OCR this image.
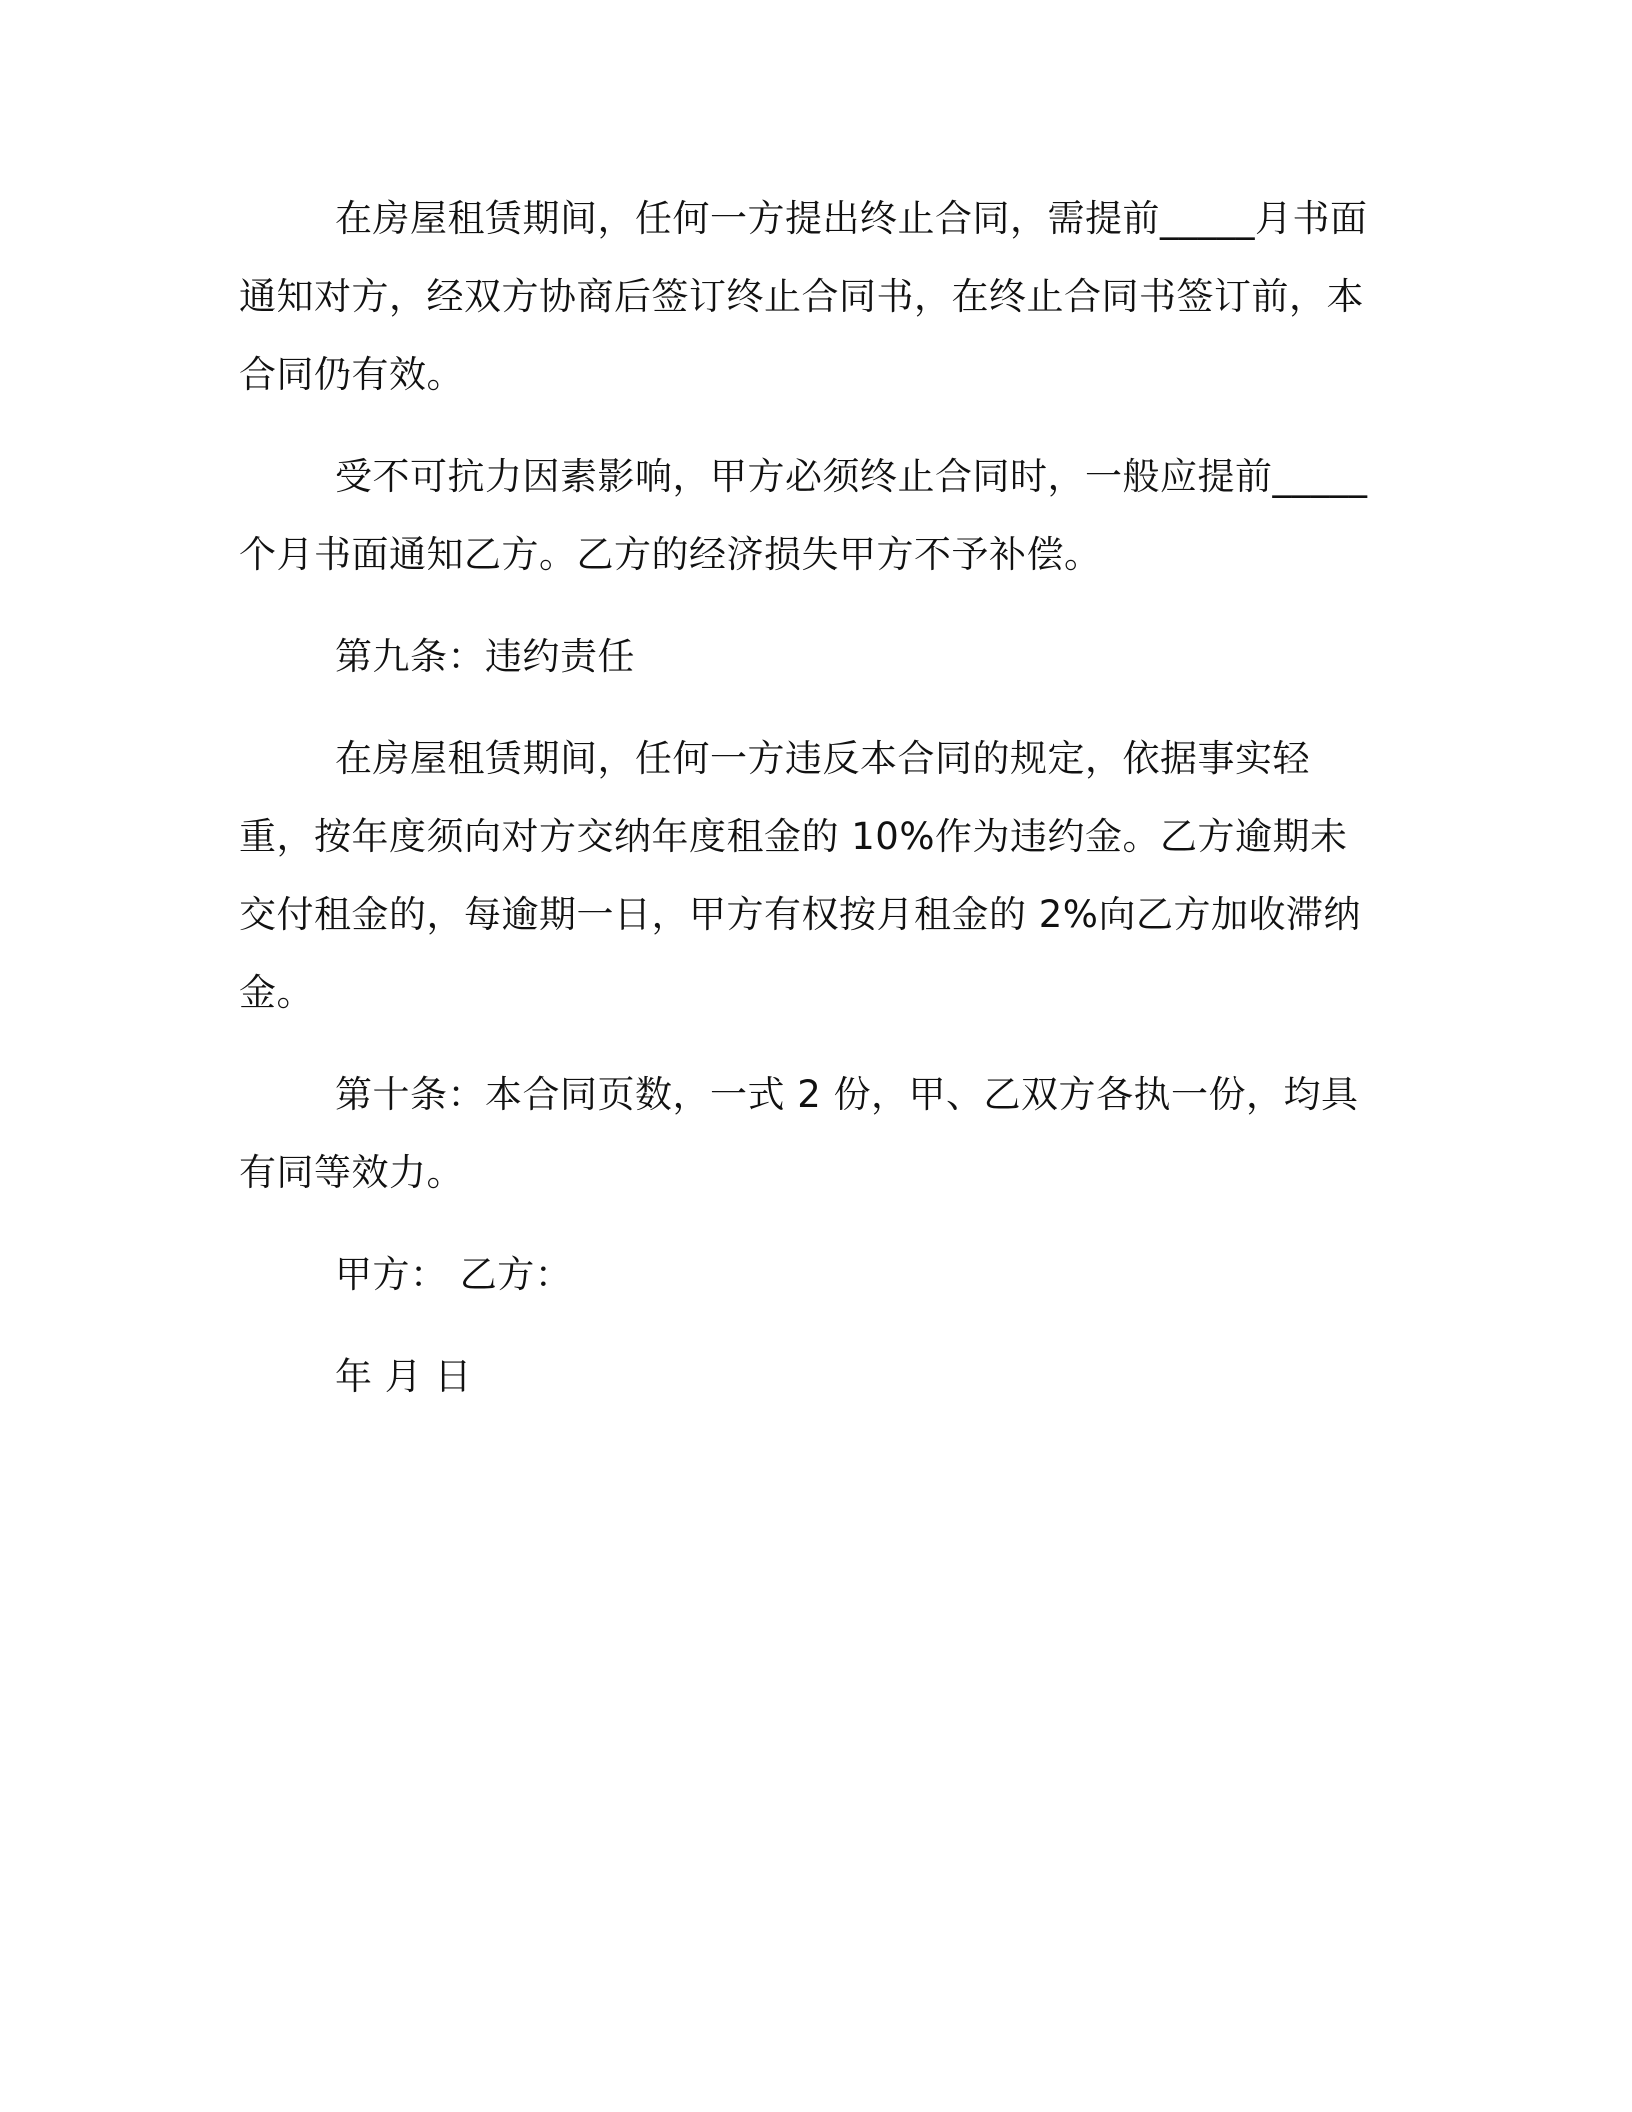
在房屋租赁期间，任何一方提出终止合同，需提前_____月书面通知对方，经双方协商后签订终止合同书，在终止合同书签订前，本合同仍有效。

受不可抗力因素影响，甲方必须终止合同时，一般应提前_____个月书面通知乙方。乙方的经济损失甲方不予补偿。

第九条：违约责任

在房屋租赁期间，任何一方违反本合同的规定，依据事实轻重，按年度须向对方交纳年度租金的 10%作为违约金。乙方逾期未交付租金的，每逾期一日，甲方有权按月租金的 2%向乙方加收滞纳金。

第十条：本合同页数，一式 2 份，甲、乙双方各执一份，均具有同等效力。

甲方： 乙方：

年 月 日
